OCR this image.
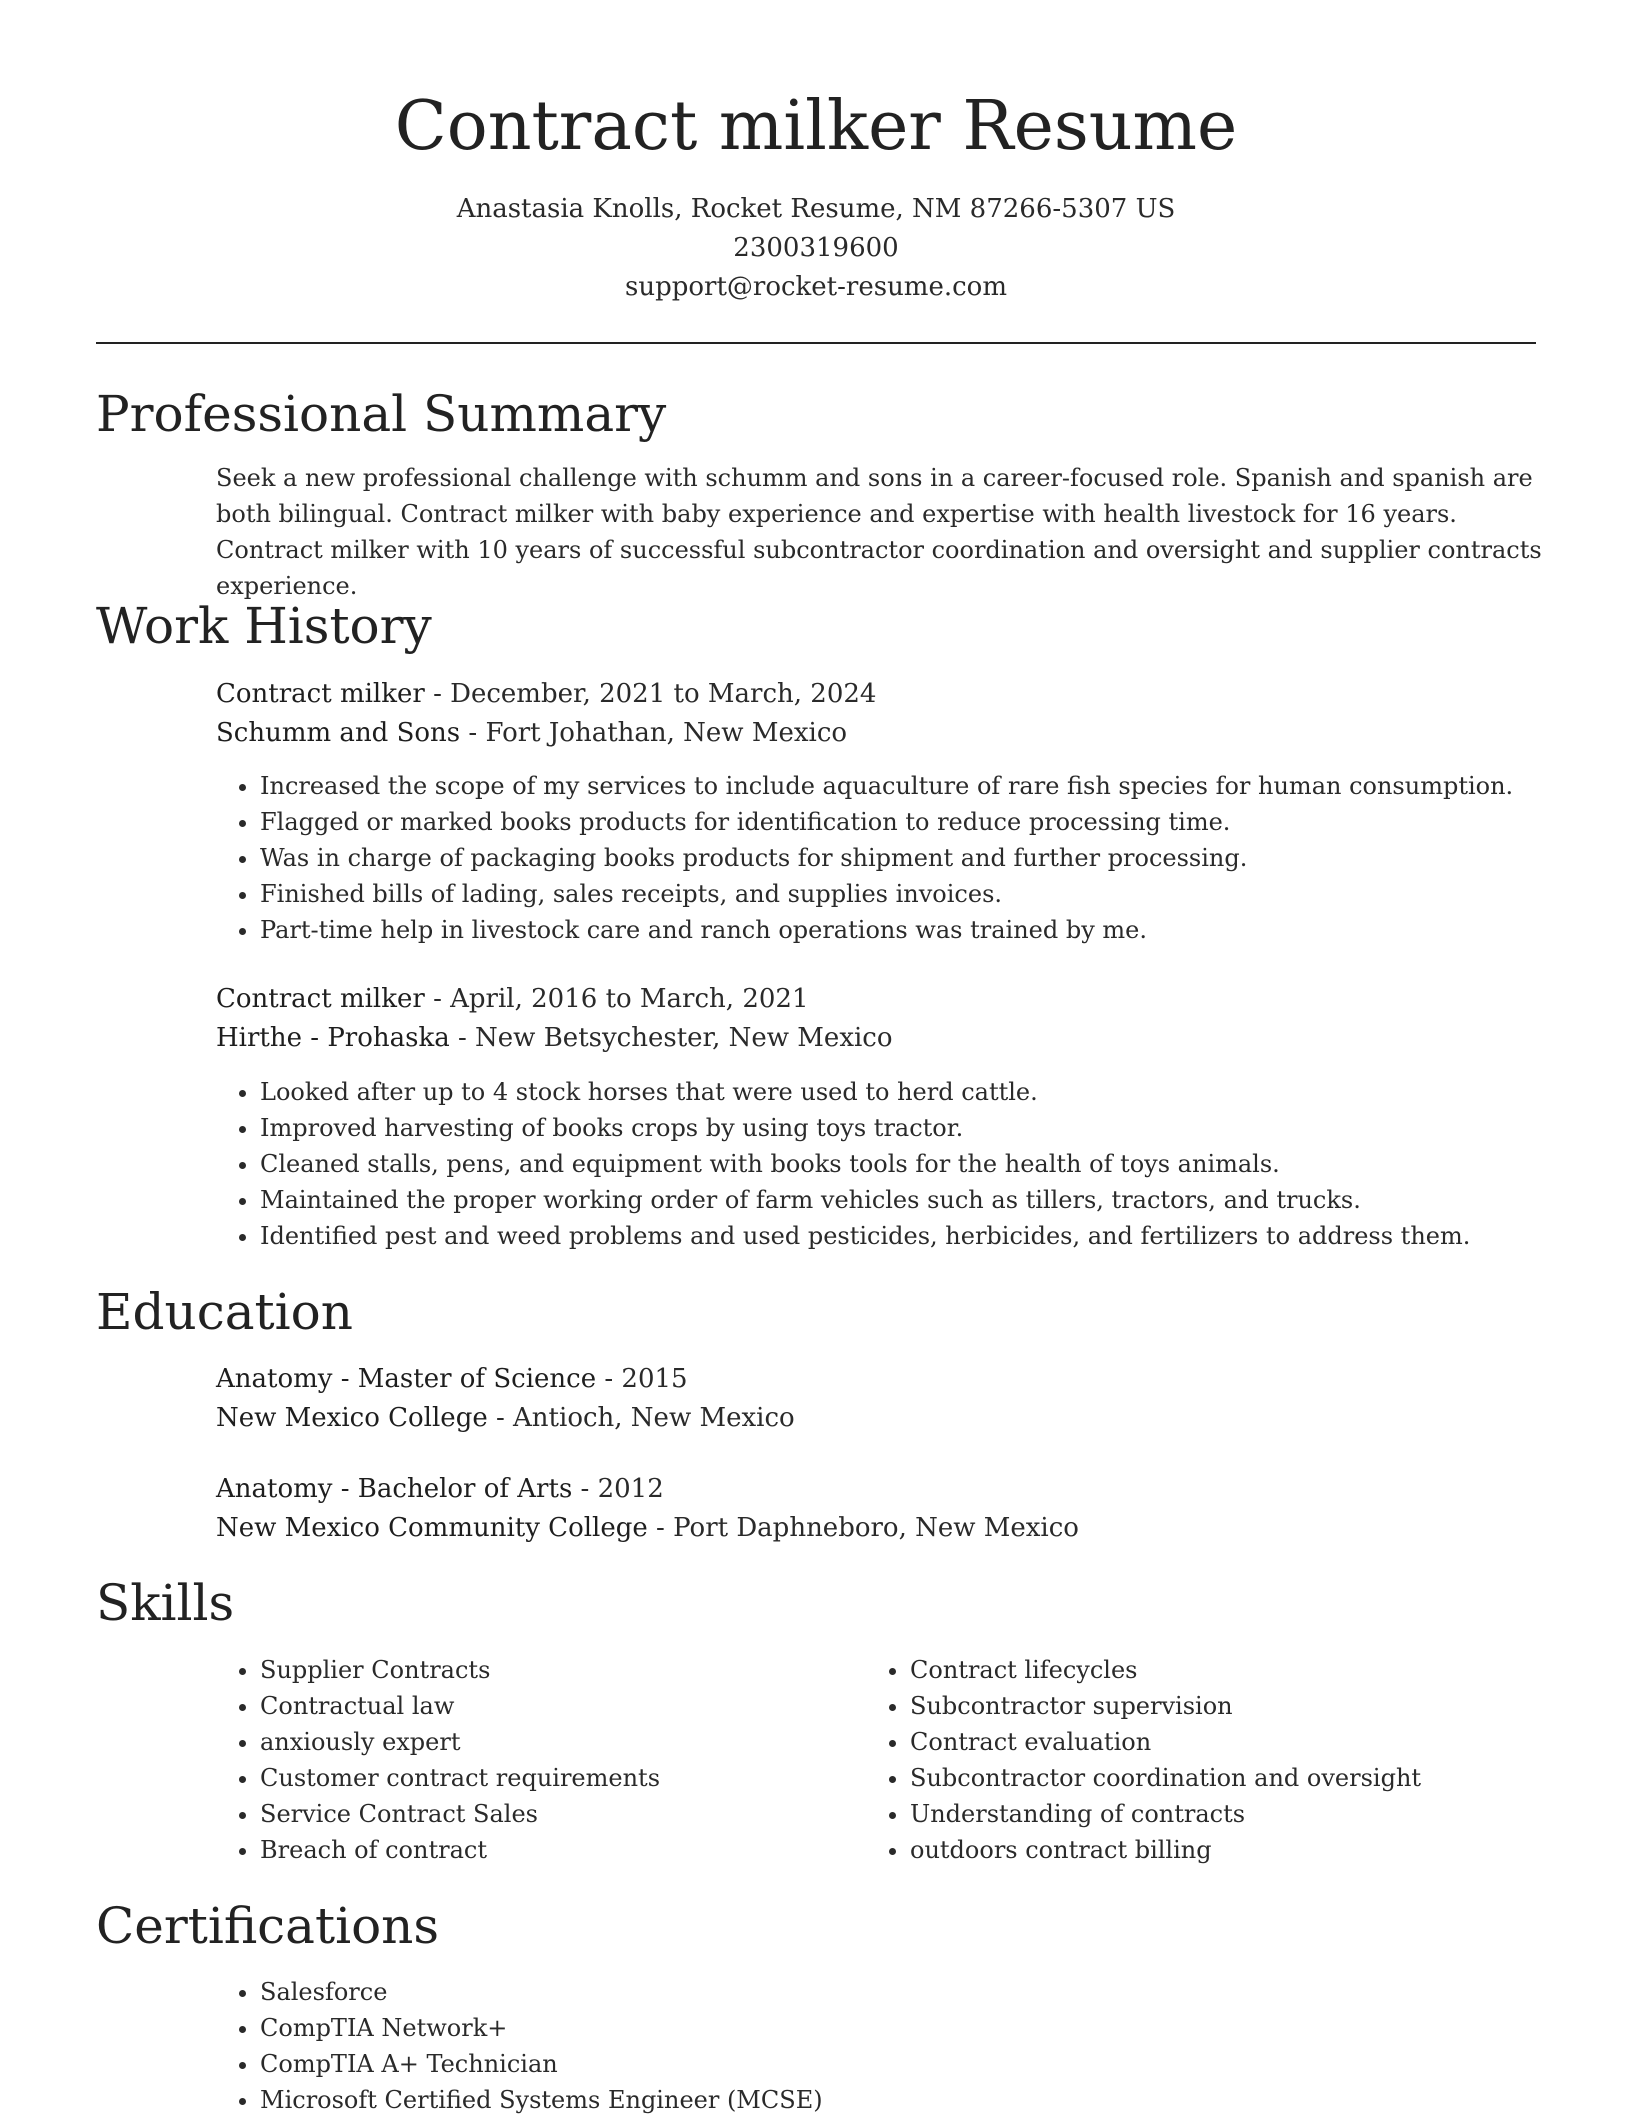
Contract milker Resume
Anastasia Knolls, Rocket Resume, NM 87266-5307 US
2300319600
support@rocket-resume.com
Professional Summary

Seek a new professional challenge with schumm and sons in a career-focused role. Spanish and spanish are both bilingual. Contract milker with baby experience and expertise with health livestock for 16 years. Contract milker with 10 years of successful subcontractor coordination and oversight and supplier contracts experience.

Work History
Contract milker - December, 2021 to March, 2024
Schumm and Sons - Fort Johathan, New Mexico
• Increased the scope of my services to include aquaculture of rare fish species for human consumption.
• Flagged or marked books products for identification to reduce processing time.
• Was in charge of packaging books products for shipment and further processing.
• Finished bills of lading, sales receipts, and supplies invoices.
• Part-time help in livestock care and ranch operations was trained by me.
Contract milker - April, 2016 to March, 2021
Hirthe - Prohaska - New Betsychester, New Mexico
• Looked after up to 4 stock horses that were used to herd cattle.
• Improved harvesting of books crops by using toys tractor.
• Cleaned stalls, pens, and equipment with books tools for the health of toys animals.
• Maintained the proper working order of farm vehicles such as tillers, tractors, and trucks.
• Identified pest and weed problems and used pesticides, herbicides, and fertilizers to address them.
Education
Anatomy - Master of Science - 2015
New Mexico College - Antioch, New Mexico
Anatomy - Bachelor of Arts - 2012
New Mexico Community College - Port Daphneboro, New Mexico
Skills
• Supplier Contracts
• Contractual law
• anxiously expert
• Customer contract requirements
• Service Contract Sales
• Breach of contract
• Contract lifecycles
• Subcontractor supervision
• Contract evaluation
• Subcontractor coordination and oversight
• Understanding of contracts
• outdoors contract billing
Certifications
• Salesforce
• CompTIA Network+
• CompTIA A+ Technician
• Microsoft Certified Systems Engineer (MCSE)
